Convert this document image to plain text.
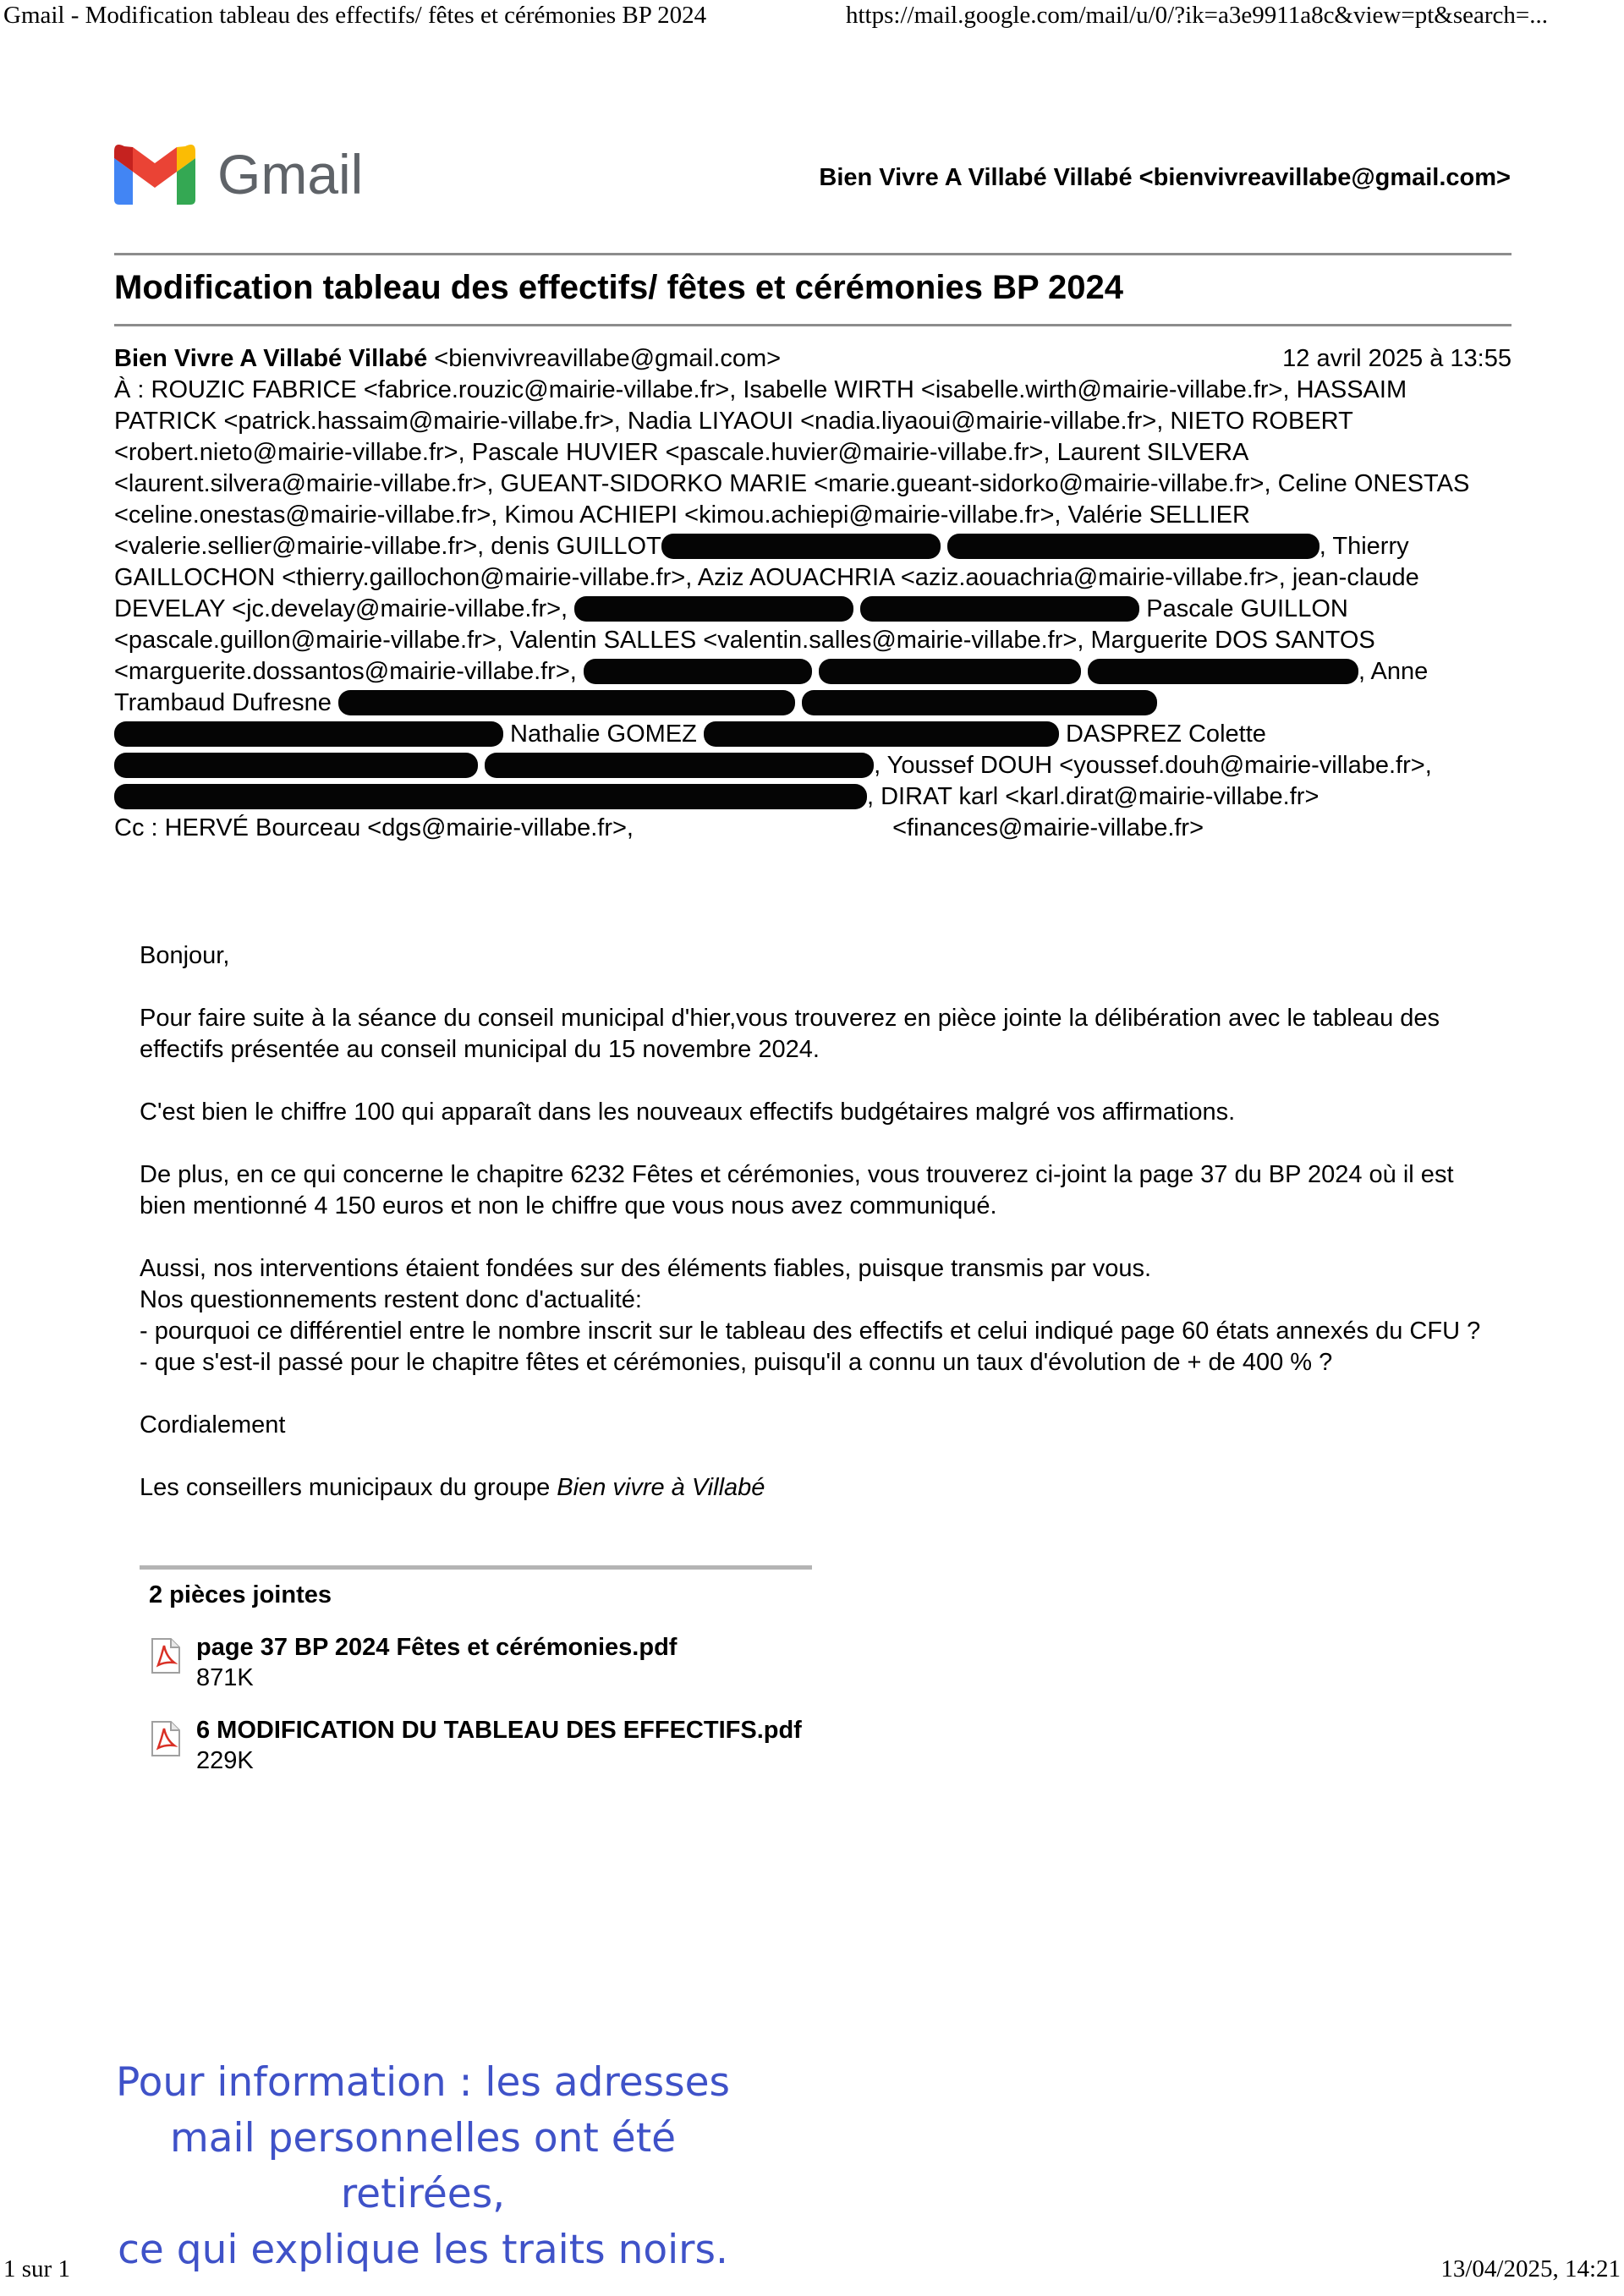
Gmail - Modification tableau des effectifs/ fêtes et cérémonies BP 2024	https://mail.google.com/mail/u/0/?ik=a3e9911a8c&view=pt&search=...
Gmail	Bien Vivre A Villabé Villabé <bienvivreavillabe@gmail.com>
Modification tableau des effectifs/ fêtes et cérémonies BP 2024
Bien Vivre A Villabé Villabé <bienvivreavillabe@gmail.com>	12 avril 2025 à 13:55

À : ROUZIC FABRICE <fabrice.rouzic@mairie-villabe.fr>, Isabelle WIRTH <isabelle.wirth@mairie-villabe.fr>, HASSAIM PATRICK <patrick.hassaim@mairie-villabe.fr>, Nadia LIYAOUI <nadia.liyaoui@mairie-villabe.fr>, NIETO ROBERT <robert.nieto@mairie-villabe.fr>, Pascale HUVIER <pascale.huvier@mairie-villabe.fr>, Laurent SILVERA <laurent.silvera@mairie-villabe.fr>, GUEANT-SIDORKO MARIE <marie.gueant-sidorko@mairie-villabe.fr>, Celine ONESTAS <celine.onestas@mairie-villabe.fr>, Kimou ACHIEPI <kimou.achiepi@mairie-villabe.fr>, Valérie SELLIER <valerie.sellier@mairie-villabe.fr>, denis GUILLOT	, Thierry GAILLOCHON <thierry.gaillochon@mairie-villabe.fr>, Aziz AOUACHRIA <aziz.aouachria@mairie-villabe.fr>, jean-claude DEVELAY <jc.develay@mairie-villabe.fr>,	Pascale GUILLON <pascale.guillon@mairie-villabe.fr>, Valentin SALLES <valentin.salles@mairie-villabe.fr>, Marguerite DOS SANTOS <marguerite.dossantos@mairie-villabe.fr>,	, Anne Trambaud Dufresne    Nathalie GOMEZ	DASPREZ Colette  , Youssef DOUH <youssef.douh@mairie-villabe.fr>, , DIRAT karl <karl.dirat@mairie-villabe.fr>

Cc : HERVÉ Bourceau <dgs@mairie-villabe.fr>,	<finances@mairie-villabe.fr>

Bonjour,

Pour faire suite à la séance du conseil municipal d'hier,vous trouverez en pièce jointe la délibération avec le tableau des effectifs présentée au conseil municipal du 15 novembre 2024.

C'est bien le chiffre 100 qui apparaît dans les nouveaux effectifs budgétaires malgré vos affirmations.

De plus, en ce qui concerne le chapitre 6232 Fêtes et cérémonies, vous trouverez ci-joint la page 37 du BP 2024 où il est bien mentionné 4 150 euros et non le chiffre que vous nous avez communiqué.

Aussi, nos interventions étaient fondées sur des éléments fiables, puisque transmis par vous.

Nos questionnements restent donc d'actualité:

- pourquoi ce différentiel entre le nombre inscrit sur le tableau des effectifs et celui indiqué page 60 états annexés du CFU ?

- que s'est-il passé pour le chapitre fêtes et cérémonies, puisqu'il a connu un taux d'évolution de + de 400 % ?

Cordialement

Les conseillers municipaux du groupe Bien vivre à Villabé

2 pièces jointes
page 37 BP 2024 Fêtes et cérémonies.pdf
871K
6 MODIFICATION DU TABLEAU DES EFFECTIFS.pdf
229K
Pour information : les adresses
mail personnelles ont été retirées,
ce qui explique les traits noirs.
1 sur 1	13/04/2025, 14:21
